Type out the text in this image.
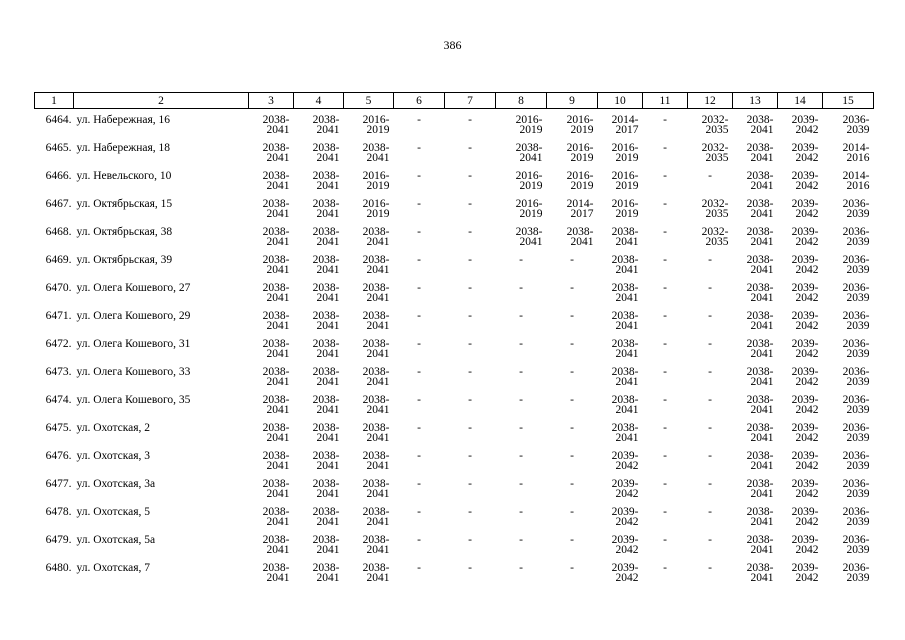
386
1	2	3	4	5	6	7	8	9	10	11	12	13	14	15
6464.	ул. Набережная, 16	2038-
2041	2038-
2041	2016-
2019	-	-	2016-
2019	2016-
2019	2014-
2017	-	2032-
2035	2038-
2041	2039-
2042	2036-
2039

6465.	ул. Набережная, 18	2038-
2041	2038-
2041	2038-
2041	-	-	2038-
2041	2016-
2019	2016-
2019	-	2032-
2035	2038-
2041	2039-
2042	2014-
2016

6466.	ул. Невельского, 10	2038-
2041	2038-
2041	2016-
2019	-	-	2016-
2019	2016-
2019	2016-
2019	-	-	2038-
2041	2039-
2042	2014-
2016

6467.	ул. Октябрьская, 15	2038-
2041	2038-
2041	2016-
2019	-	-	2016-
2019	2014-
2017	2016-
2019	-	2032-
2035	2038-
2041	2039-
2042	2036-
2039

6468.	ул. Октябрьская, 38	2038-
2041	2038-
2041	2038-
2041	-	-	2038-
2041	2038-
2041	2038-
2041	-	2032-
2035	2038-
2041	2039-
2042	2036-
2039

6469.	ул. Октябрьская, 39	2038-
2041	2038-
2041	2038-
2041	-	-	-	-	2038-
2041	-	-	2038-
2041	2039-
2042	2036-
2039

6470.	ул. Олега Кошевого, 27	2038-
2041	2038-
2041	2038-
2041	-	-	-	-	2038-
2041	-	-	2038-
2041	2039-
2042	2036-
2039

6471.	ул. Олега Кошевого, 29	2038-
2041	2038-
2041	2038-
2041	-	-	-	-	2038-
2041	-	-	2038-
2041	2039-
2042	2036-
2039

6472.	ул. Олега Кошевого, 31	2038-
2041	2038-
2041	2038-
2041	-	-	-	-	2038-
2041	-	-	2038-
2041	2039-
2042	2036-
2039

6473.	ул. Олега Кошевого, 33	2038-
2041	2038-
2041	2038-
2041	-	-	-	-	2038-
2041	-	-	2038-
2041	2039-
2042	2036-
2039

6474.	ул. Олега Кошевого, 35	2038-
2041	2038-
2041	2038-
2041	-	-	-	-	2038-
2041	-	-	2038-
2041	2039-
2042	2036-
2039

6475.	ул. Охотская, 2	2038-
2041	2038-
2041	2038-
2041	-	-	-	-	2038-
2041	-	-	2038-
2041	2039-
2042	2036-
2039

6476.	ул. Охотская, 3	2038-
2041	2038-
2041	2038-
2041	-	-	-	-	2039-
2042	-	-	2038-
2041	2039-
2042	2036-
2039

6477.	ул. Охотская, 3а	2038-
2041	2038-
2041	2038-
2041	-	-	-	-	2039-
2042	-	-	2038-
2041	2039-
2042	2036-
2039

6478.	ул. Охотская, 5	2038-
2041	2038-
2041	2038-
2041	-	-	-	-	2039-
2042	-	-	2038-
2041	2039-
2042	2036-
2039

6479.	ул. Охотская, 5а	2038-
2041	2038-
2041	2038-
2041	-	-	-	-	2039-
2042	-	-	2038-
2041	2039-
2042	2036-
2039

6480.	ул. Охотская, 7	2038-
2041	2038-
2041	2038-
2041	-	-	-	-	2039-
2042	-	-	2038-
2041	2039-
2042	2036-
2039
